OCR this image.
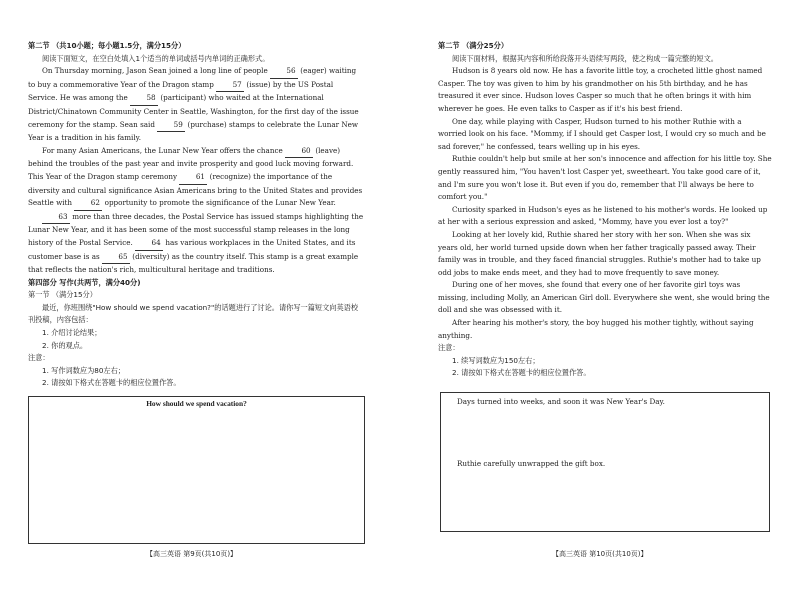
第二节 （共10小题；每小题1.5分，满分15分）

阅读下面短文，在空白处填入1个适当的单词或括号内单词的正确形式。

On Thursday morning, Jason Sean joined a long line of people 56 (eager) waiting to buy a commemorative Year of the Dragon stamp 57 (issue) by the US Postal Service. He was among the 58 (participant) who waited at the International District/Chinatown Community Center in Seattle, Washington, for the first day of the issue ceremony for the stamp. Sean said 59 (purchase) stamps to celebrate the Lunar New Year is a tradition in his family.

For many Asian Americans, the Lunar New Year offers the chance 60 (leave) behind the troubles of the past year and invite prosperity and good luck moving forward. This Year of the Dragon stamp ceremony 61 (recognize) the importance of the diversity and cultural significance Asian Americans bring to the United States and provides Seattle with 62 opportunity to promote the significance of the Lunar New Year.

63 more than three decades, the Postal Service has issued stamps highlighting the Lunar New Year, and it has been some of the most successful stamp releases in the long history of the Postal Service. 64 has various workplaces in the United States, and its customer base is as 65 (diversity) as the country itself. This stamp is a great example that reflects the nation's rich, multicultural heritage and traditions.

第四部分 写作(共两节，满分40分)

第一节 （满分15分）

最近，你班围绕"How should we spend vacation?"的话题进行了讨论。请你写一篇短文向英语校刊投稿，内容包括：

1. 介绍讨论结果；

2. 你的观点。

注意：

1. 写作词数应为80左右；

2. 请按如下格式在答题卡的相应位置作答。

How should we spend vacation?
【高三英语 第9页(共10页)】

第二节 （满分25分）

阅读下面材料，根据其内容和所给段落开头语续写两段，使之构成一篇完整的短文。

Hudson is 8 years old now. He has a favorite little toy, a crocheted little ghost named Casper. The toy was given to him by his grandmother on his 5th birthday, and he has treasured it ever since. Hudson loves Casper so much that he often brings it with him wherever he goes. He even talks to Casper as if it's his best friend.

One day, while playing with Casper, Hudson turned to his mother Ruthie with a worried look on his face. "Mommy, if I should get Casper lost, I would cry so much and be sad forever," he confessed, tears welling up in his eyes.

Ruthie couldn't help but smile at her son's innocence and affection for his little toy. She gently reassured him, "You haven't lost Casper yet, sweetheart. You take good care of it, and I'm sure you won't lose it. But even if you do, remember that I'll always be here to comfort you."

Curiosity sparked in Hudson's eyes as he listened to his mother's words. He looked up at her with a serious expression and asked, "Mommy, have you ever lost a toy?"

Looking at her lovely kid, Ruthie shared her story with her son. When she was six years old, her world turned upside down when her father tragically passed away. Their family was in trouble, and they faced financial struggles. Ruthie's mother had to take up odd jobs to make ends meet, and they had to move frequently to save money.

During one of her moves, she found that every one of her favorite girl toys was missing, including Molly, an American Girl doll. Everywhere she went, she would bring the doll and she was obsessed with it.

After hearing his mother's story, the boy hugged his mother tightly, without saying anything.

注意：

1. 续写词数应为150左右；

2. 请按如下格式在答题卡的相应位置作答。

Days turned into weeks, and soon it was New Year's Day.
Ruthie carefully unwrapped the gift box.
【高三英语 第10页(共10页)】
